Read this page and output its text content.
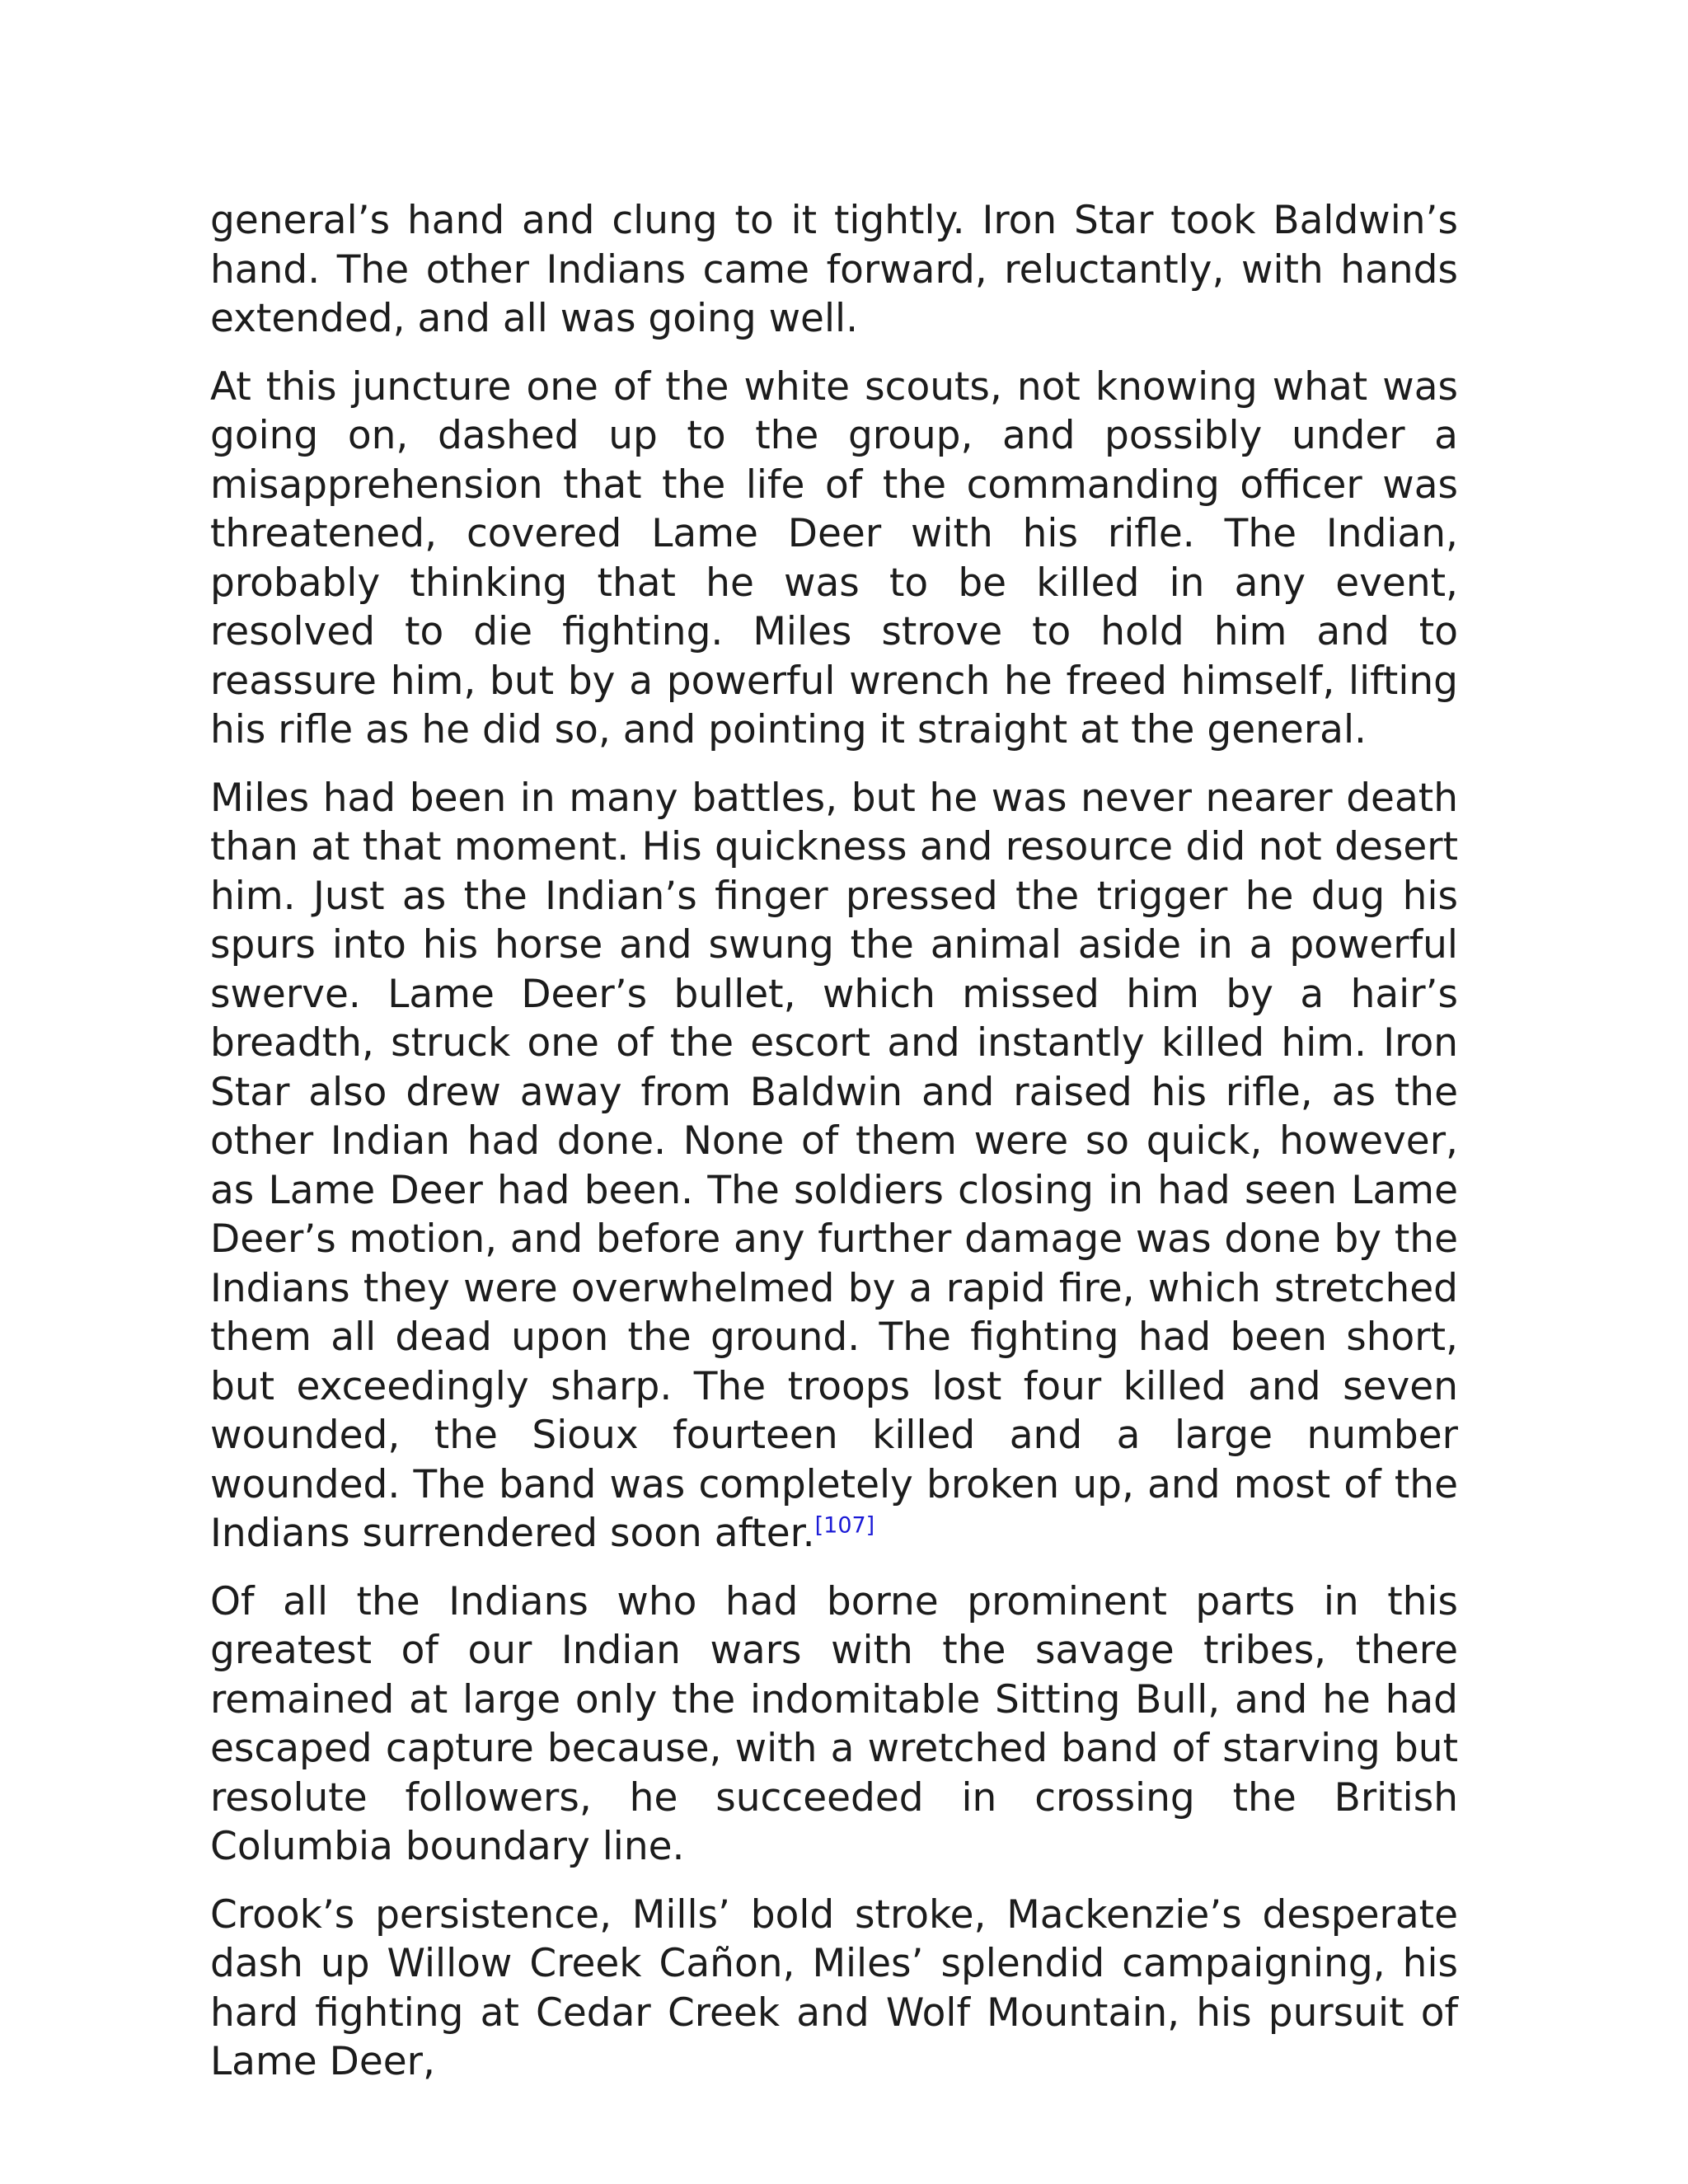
general’s hand and clung to it tightly. Iron Star took Baldwin’s hand. The other Indians came forward, reluctantly, with hands extended, and all was going well.

At this juncture one of the white scouts, not knowing what was going on, dashed up to the group, and possibly under a misapprehension that the life of the commanding officer was threatened, covered Lame Deer with his rifle. The Indian, probably thinking that he was to be killed in any event, resolved to die fighting. Miles strove to hold him and to reassure him, but by a powerful wrench he freed himself, lifting his rifle as he did so, and pointing it straight at the general.

Miles had been in many battles, but he was never nearer death than at that moment. His quickness and resource did not desert him. Just as the Indian’s finger pressed the trigger he dug his spurs into his horse and swung the animal aside in a powerful swerve. Lame Deer’s bullet, which missed him by a hair’s breadth, struck one of the escort and instantly killed him. Iron Star also drew away from Baldwin and raised his rifle, as the other Indian had done. None of them were so quick, however, as Lame Deer had been. The soldiers closing in had seen Lame Deer’s motion, and before any further damage was done by the Indians they were overwhelmed by a rapid fire, which stretched them all dead upon the ground. The fighting had been short, but exceedingly sharp. The troops lost four killed and seven wounded, the Sioux fourteen killed and a large number wounded. The band was completely broken up, and most of the Indians surrendered soon after.[107]

Of all the Indians who had borne prominent parts in this greatest of our Indian wars with the savage tribes, there remained at large only the indomitable Sitting Bull, and he had escaped capture because, with a wretched band of starving but resolute followers, he succeeded in crossing the British Columbia boundary line.

Crook’s persistence, Mills’ bold stroke, Mackenzie’s desperate dash up Willow Creek Cañon, Miles’ splendid campaigning, his hard fighting at Cedar Creek and Wolf Mountain, his pursuit of Lame Deer,
